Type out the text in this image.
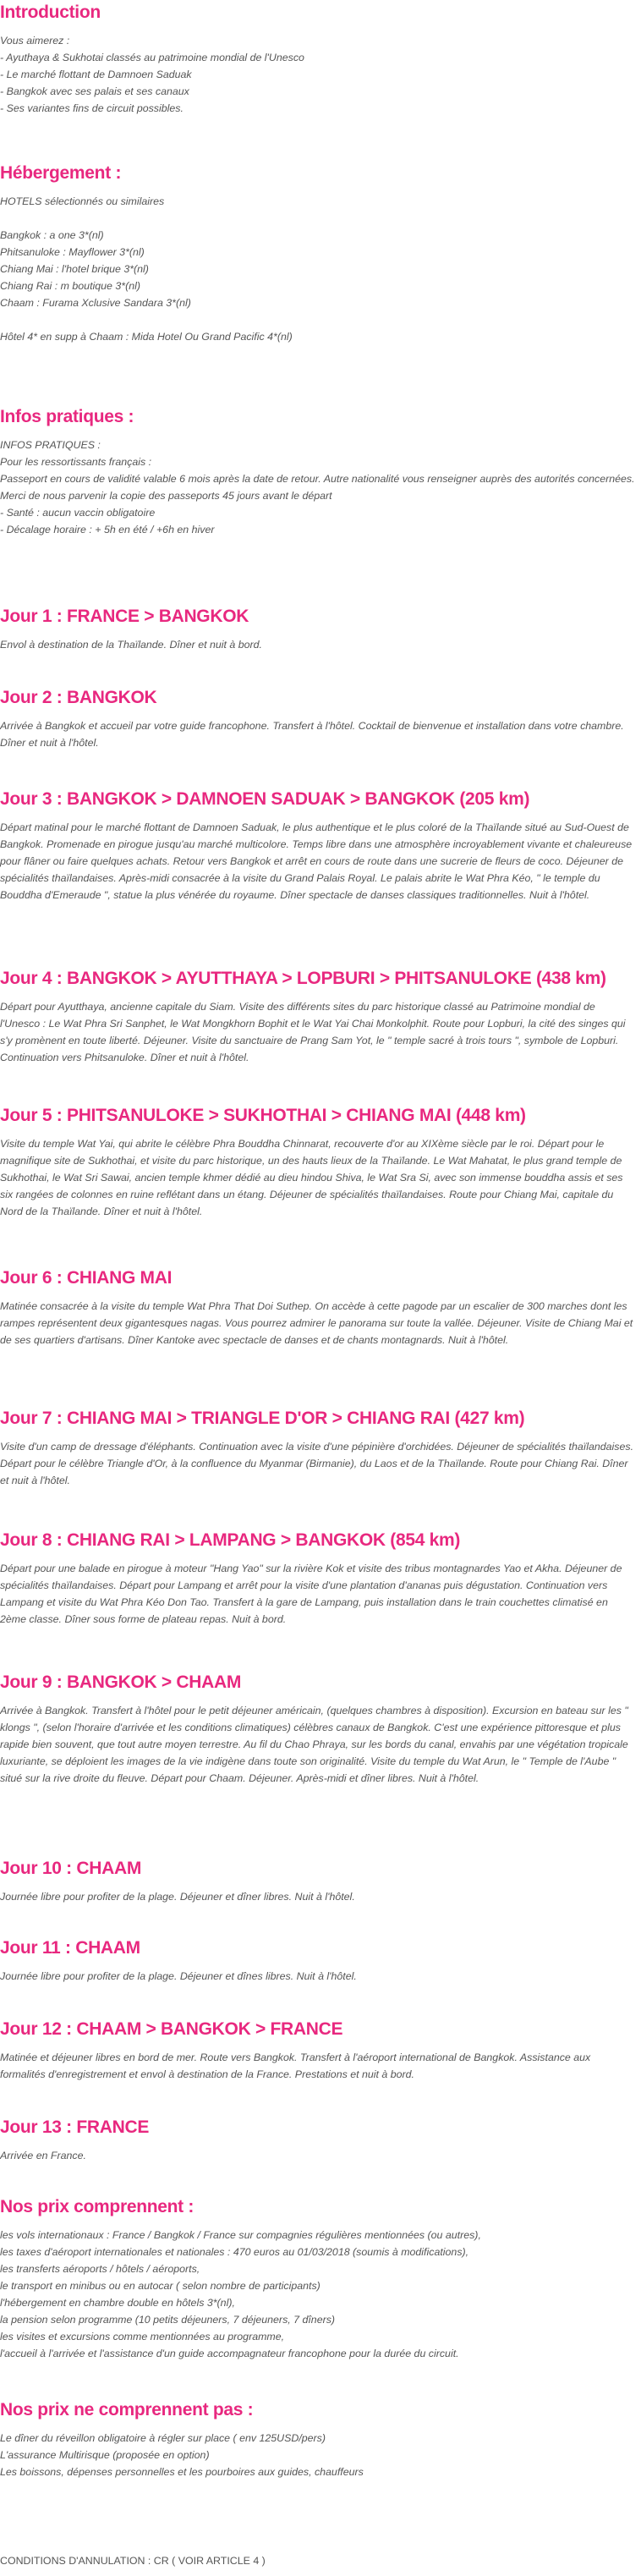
Introduction
Vous aimerez :
- Ayuthaya & Sukhotai classés au patrimoine mondial de l'Unesco
- Le marché flottant de Damnoen Saduak
- Bangkok avec ses palais et ses canaux
- Ses variantes fins de circuit possibles.
Hébergement :
HOTELS sélectionnés ou similaires
Bangkok : a one 3*(nl)
Phitsanuloke : Mayflower 3*(nl)
Chiang Mai : l'hotel brique 3*(nl)
Chiang Rai : m boutique 3*(nl)
Chaam : Furama Xclusive Sandara 3*(nl)
Hôtel 4* en supp à Chaam : Mida Hotel Ou Grand Pacific 4*(nl)
Infos pratiques :
INFOS PRATIQUES :
Pour les ressortissants français :
Passeport en cours de validité valable 6 mois après la date de retour. Autre nationalité vous renseigner auprès des autorités concernées.
Merci de nous parvenir la copie des passeports 45 jours avant le départ
- Santé : aucun vaccin obligatoire
- Décalage horaire : + 5h en été / +6h en hiver
Jour 1 : FRANCE > BANGKOK
Envol à destination de la Thaïlande. Dîner et nuit à bord.
Jour 2 : BANGKOK
Arrivée à Bangkok et accueil par votre guide francophone. Transfert à l'hôtel. Cocktail de bienvenue et installation dans votre chambre. Dîner et nuit à l'hôtel.
Jour 3 : BANGKOK > DAMNOEN SADUAK > BANGKOK (205 km)
Départ matinal pour le marché flottant de Damnoen Saduak, le plus authentique et le plus coloré de la Thaïlande situé au Sud-Ouest de Bangkok. Promenade en pirogue jusqu'au marché multicolore. Temps libre dans une atmosphère incroyablement vivante et chaleureuse pour flâner ou faire quelques achats. Retour vers Bangkok et arrêt en cours de route dans une sucrerie de fleurs de coco. Déjeuner de spécialités thaïlandaises. Après-midi consacrée à la visite du Grand Palais Royal. Le palais abrite le Wat Phra Kéo, " le temple du Bouddha d'Emeraude ", statue la plus vénérée du royaume. Dîner spectacle de danses classiques traditionnelles. Nuit à l'hôtel.
Jour 4 : BANGKOK > AYUTTHAYA > LOPBURI > PHITSANULOKE (438 km)
Départ pour Ayutthaya, ancienne capitale du Siam. Visite des différents sites du parc historique classé au Patrimoine mondial de l'Unesco : Le Wat Phra Sri Sanphet, le Wat Mongkhorn Bophit et le Wat Yai Chai Monkolphit. Route pour Lopburi, la cité des singes qui s'y promènent en toute liberté. Déjeuner. Visite du sanctuaire de Prang Sam Yot, le " temple sacré à trois tours ", symbole de Lopburi. Continuation vers Phitsanuloke. Dîner et nuit à l'hôtel.
Jour 5 : PHITSANULOKE > SUKHOTHAI > CHIANG MAI (448 km)
Visite du temple Wat Yai, qui abrite le célèbre Phra Bouddha Chinnarat, recouverte d'or au XIXème siècle par le roi. Départ pour le magnifique site de Sukhothai, et visite du parc historique, un des hauts lieux de la Thaïlande. Le Wat Mahatat, le plus grand temple de Sukhothai, le Wat Sri Sawai, ancien temple khmer dédié au dieu hindou Shiva, le Wat Sra Si, avec son immense bouddha assis et ses six rangées de colonnes en ruine reflétant dans un étang. Déjeuner de spécialités thaïlandaises. Route pour Chiang Mai, capitale du Nord de la Thaïlande. Dîner et nuit à l'hôtel.
Jour 6 : CHIANG MAI
Matinée consacrée à la visite du temple Wat Phra That Doi Suthep. On accède à cette pagode par un escalier de 300 marches dont les rampes représentent deux gigantesques nagas. Vous pourrez admirer le panorama sur toute la vallée. Déjeuner. Visite de Chiang Mai et de ses quartiers d'artisans. Dîner Kantoke avec spectacle de danses et de chants montagnards. Nuit à l'hôtel.
Jour 7 : CHIANG MAI > TRIANGLE D'OR > CHIANG RAI (427 km)
Visite d'un camp de dressage d'éléphants. Continuation avec la visite d'une pépinière d'orchidées. Déjeuner de spécialités thaïlandaises. Départ pour le célèbre Triangle d'Or, à la confluence du Myanmar (Birmanie), du Laos et de la Thaïlande. Route pour Chiang Rai. Dîner et nuit à l'hôtel.
Jour 8 : CHIANG RAI > LAMPANG > BANGKOK (854 km)
Départ pour une balade en pirogue à moteur "Hang Yao" sur la rivière Kok et visite des tribus montagnardes Yao et Akha. Déjeuner de spécialités thaïlandaises. Départ pour Lampang et arrêt pour la visite d'une plantation d'ananas puis dégustation. Continuation vers Lampang et visite du Wat Phra Kéo Don Tao. Transfert à la gare de Lampang, puis installation dans le train couchettes climatisé en 2ème classe. Dîner sous forme de plateau repas. Nuit à bord.
Jour 9 : BANGKOK > CHAAM
Arrivée à Bangkok. Transfert à l'hôtel pour le petit déjeuner américain, (quelques chambres à disposition). Excursion en bateau sur les " klongs ", (selon l'horaire d'arrivée et les conditions climatiques) célèbres canaux de Bangkok. C'est une expérience pittoresque et plus rapide bien souvent, que tout autre moyen terrestre. Au fil du Chao Phraya, sur les bords du canal, envahis par une végétation tropicale luxuriante, se déploient les images de la vie indigène dans toute son originalité. Visite du temple du Wat Arun, le " Temple de l'Aube " situé sur la rive droite du fleuve. Départ pour Chaam. Déjeuner. Après-midi et dîner libres. Nuit à l'hôtel.
Jour 10 : CHAAM
Journée libre pour profiter de la plage. Déjeuner et dîner libres. Nuit à l'hôtel.
Jour 11 : CHAAM
Journée libre pour profiter de la plage. Déjeuner et dînes libres. Nuit à l'hôtel.
Jour 12 : CHAAM > BANGKOK > FRANCE
Matinée et déjeuner libres en bord de mer. Route vers Bangkok. Transfert à l'aéroport international de Bangkok. Assistance aux formalités d'enregistrement et envol à destination de la France. Prestations et nuit à bord.
Jour 13 : FRANCE
Arrivée en France.
Nos prix comprennent :
les vols internationaux : France / Bangkok / France sur compagnies régulières mentionnées (ou autres),
les taxes d'aéroport internationales et nationales : 470 euros au 01/03/2018 (soumis à modifications),
les transferts aéroports / hôtels / aéroports,
le transport en minibus ou en autocar ( selon nombre de participants)
l'hébergement en chambre double en hôtels 3*(nl),
la pension selon programme (10 petits déjeuners, 7 déjeuners, 7 dîners)
les visites et excursions comme mentionnées au programme,
l'accueil à l'arrivée et l'assistance d'un guide accompagnateur francophone pour la durée du circuit.
Nos prix ne comprennent pas :
Le dîner du réveillon obligatoire à régler sur place ( env 125USD/pers)
L'assurance Multirisque (proposée en option)
Les boissons, dépenses personnelles et les pourboires aux guides, chauffeurs
CONDITIONS D'ANNULATION : CR ( VOIR ARTICLE 4 )
